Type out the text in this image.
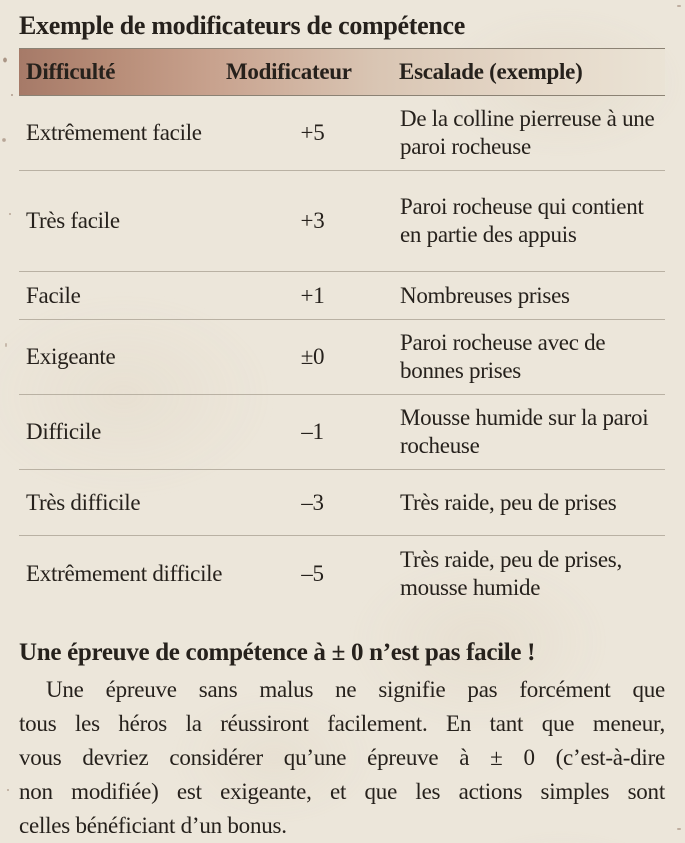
Exemple de modificateurs de compétence
Difficulté	Modificateur	Escalade (exemple)
Extrêmement facile	+5	De la colline pierreuse à une paroi rocheuse
Très facile	+3	Paroi rocheuse qui contient en partie des appuis
Facile	+1	Nombreuses prises
Exigeante	±0	Paroi rocheuse avec de bonnes prises
Difficile	–1	Mousse humide sur la paroi rocheuse
Très difficile	–3	Très raide, peu de prises
Extrêmement difficile	–5	Très raide, peu de prises, mousse humide
Une épreuve de compétence à ± 0 n’est pas facile !
Une épreuve sans malus ne signifie pas forcément que
tous les héros la réussiront facilement. En tant que meneur,
vous devriez considérer qu’une épreuve à ± 0 (c’est-à-dire
non modifiée) est exigeante, et que les actions simples sont
celles bénéficiant d’un bonus.
